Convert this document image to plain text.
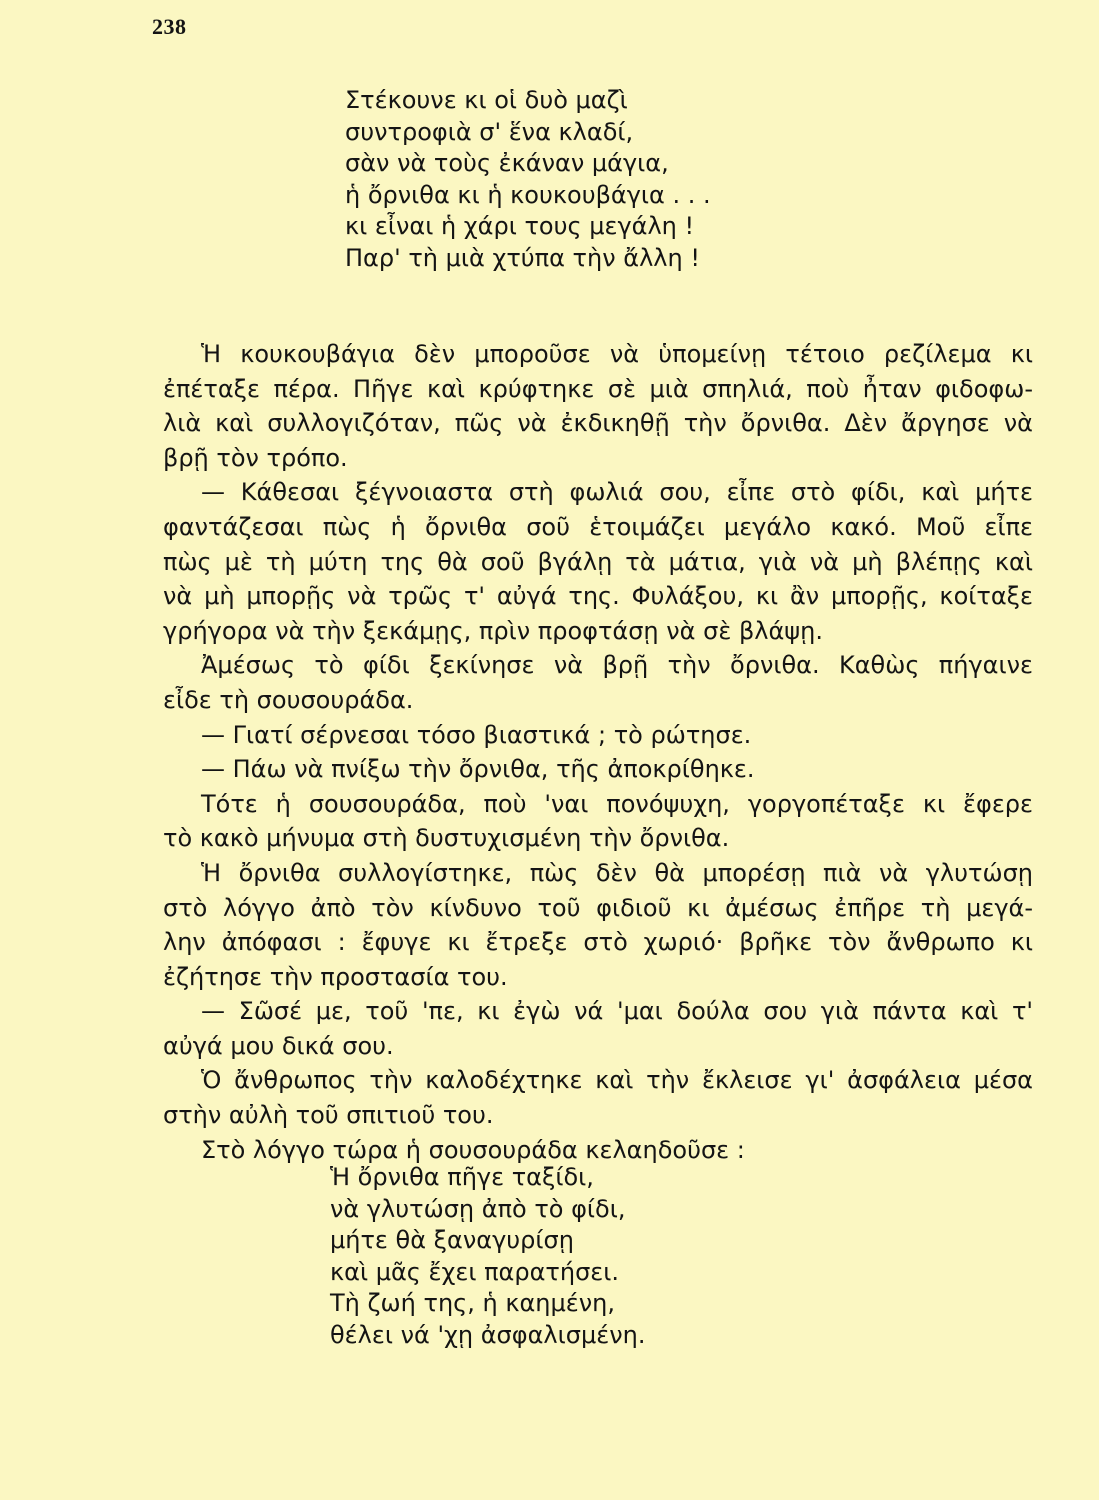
238
Στέκουνε κι οἱ δυὸ μαζὶ
συντροφιὰ σ' ἕνα κλαδί,
σὰν νὰ τοὺς ἐκάναν μάγια,
ἡ ὄρνιθα κι ἡ κουκουβάγια . . .
κι εἶναι ἡ χάρι τους μεγάλη !
Παρ' τὴ μιὰ χτύπα τὴν ἄλλη !
Ἡ κουκουβάγια δὲν μποροῦσε νὰ ὑπομείνῃ τέτοιο ρεζίλεμα κι
ἐπέταξε πέρα. Πῆγε καὶ κρύφτηκε σὲ μιὰ σπηλιά, ποὺ ἦταν φιδοφω-
λιὰ καὶ συλλογιζόταν, πῶς νὰ ἐκδικηθῇ τὴν ὄρνιθα. Δὲν ἄργησε νὰ
βρῇ τὸν τρόπο.
— Κάθεσαι ξέγνοιαστα στὴ φωλιά σου, εἶπε στὸ φίδι, καὶ μήτε
φαντάζεσαι πὼς ἡ ὄρνιθα σοῦ ἑτοιμάζει μεγάλο κακό. Μοῦ εἶπε
πὼς μὲ τὴ μύτη της θὰ σοῦ βγάλῃ τὰ μάτια, γιὰ νὰ μὴ βλέπῃς καὶ
νὰ μὴ μπορῇς νὰ τρῶς τ' αὐγά της. Φυλάξου, κι ἂν μπορῇς, κοίταξε
γρήγορα νὰ τὴν ξεκάμῃς, πρὶν προφτάσῃ νὰ σὲ βλάψῃ.
Ἀμέσως τὸ φίδι ξεκίνησε νὰ βρῇ τὴν ὄρνιθα. Καθὼς πήγαινε
εἶδε τὴ σουσουράδα.
— Γιατί σέρνεσαι τόσο βιαστικά ; τὸ ρώτησε.
— Πάω νὰ πνίξω τὴν ὄρνιθα, τῆς ἀποκρίθηκε.
Τότε ἡ σουσουράδα, ποὺ 'ναι πονόψυχη, γοργοπέταξε κι ἔφερε
τὸ κακὸ μήνυμα στὴ δυστυχισμένη τὴν ὄρνιθα.
Ἡ ὄρνιθα συλλογίστηκε, πὼς δὲν θὰ μπορέσῃ πιὰ νὰ γλυτώσῃ
στὸ λόγγο ἀπὸ τὸν κίνδυνο τοῦ φιδιοῦ κι ἀμέσως ἐπῆρε τὴ μεγά-
λην ἀπόφασι : ἔφυγε κι ἔτρεξε στὸ χωριό· βρῆκε τὸν ἄνθρωπο κι
ἐζήτησε τὴν προστασία του.
— Σῶσέ με, τοῦ 'πε, κι ἐγὼ νά 'μαι δούλα σου γιὰ πάντα καὶ τ'
αὐγά μου δικά σου.
Ὁ ἄνθρωπος τὴν καλοδέχτηκε καὶ τὴν ἔκλεισε γι' ἀσφάλεια μέσα
στὴν αὐλὴ τοῦ σπιτιοῦ του.
Στὸ λόγγο τώρα ἡ σουσουράδα κελαηδοῦσε :
Ἡ ὄρνιθα πῆγε ταξίδι,
νὰ γλυτώσῃ ἀπὸ τὸ φίδι,
μήτε θὰ ξαναγυρίσῃ
καὶ μᾶς ἔχει παρατήσει.
Τὴ ζωή της, ἡ καημένη,
θέλει νά 'χῃ ἀσφαλισμένη.
